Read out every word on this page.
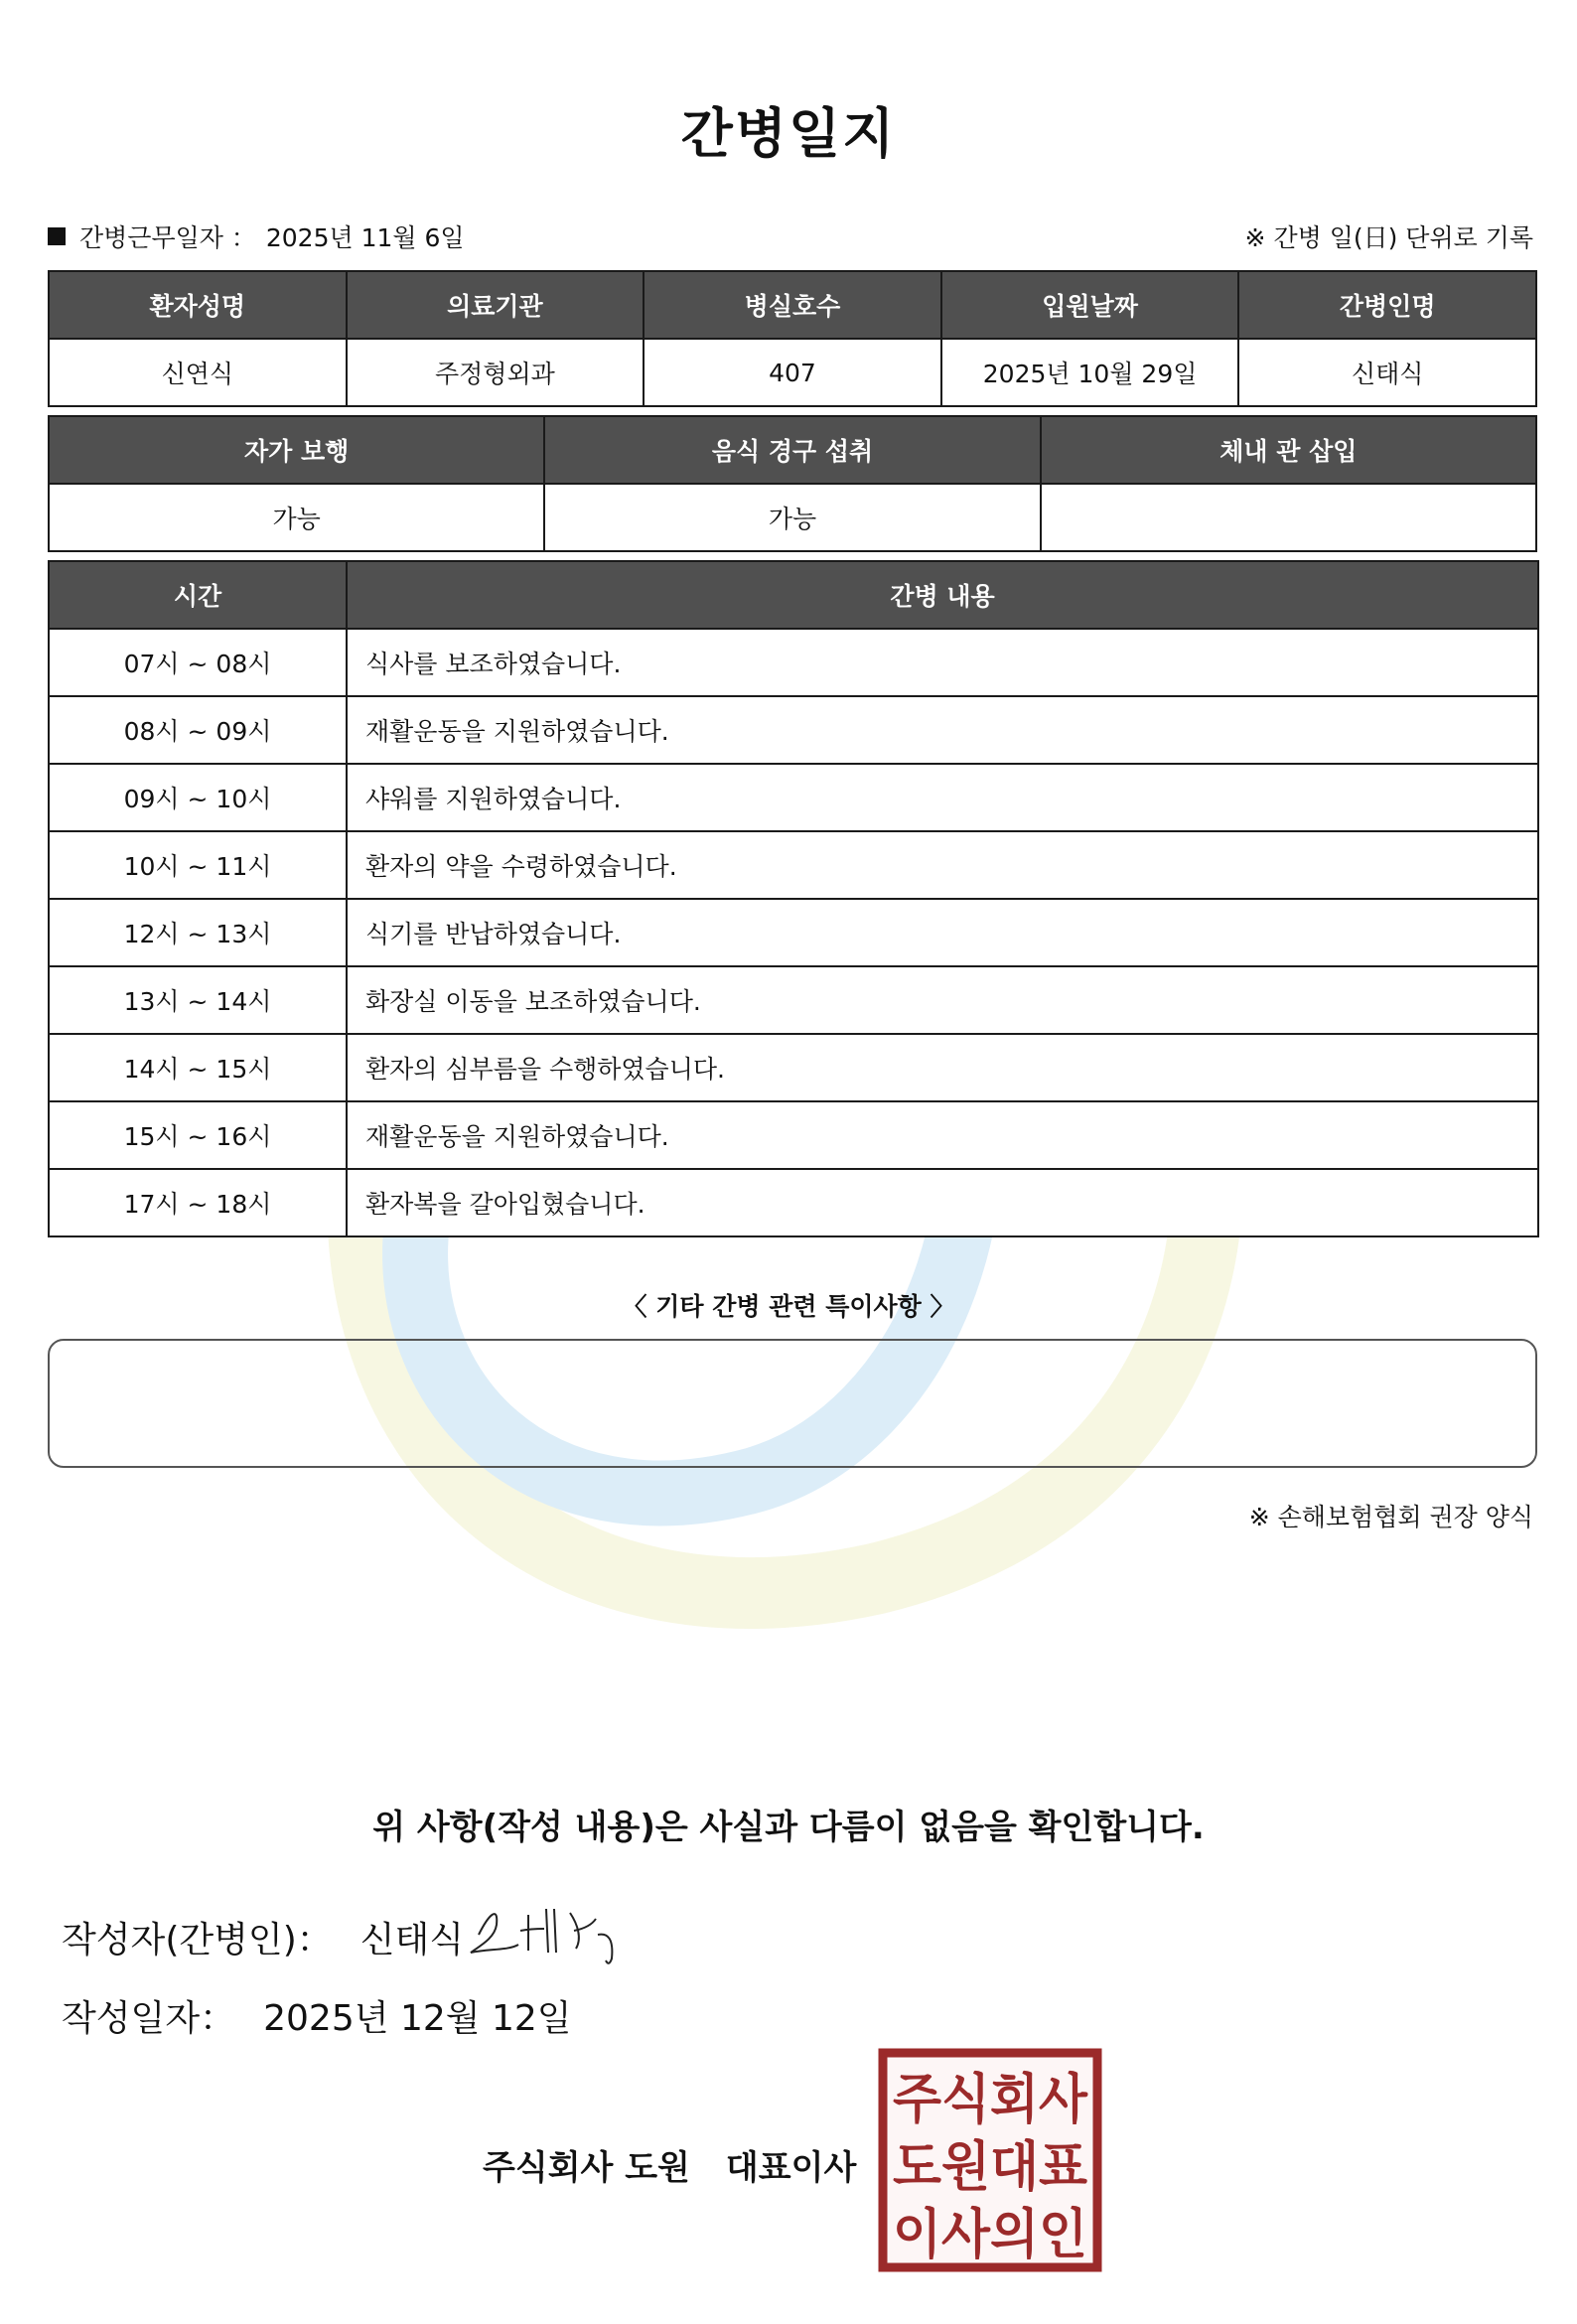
간병일지
간병근무일자 ： 2025년 11월 6일	※ 간병 일(日) 단위로 기록
환자성명	의료기관	병실호수	입원날짜	간병인명
신연식	주정형외과	407	2025년 10월 29일	신태식
자가 보행	음식 경구 섭취	체내 관 삽입
가능	가능	
시간	간병 내용
07시 ~ 08시	식사를 보조하였습니다.
08시 ~ 09시	재활운동을 지원하였습니다.
09시 ~ 10시	샤워를 지원하였습니다.
10시 ~ 11시	환자의 약을 수령하였습니다.
12시 ~ 13시	식기를 반납하였습니다.
13시 ~ 14시	화장실 이동을 보조하였습니다.
14시 ~ 15시	환자의 심부름을 수행하였습니다.
15시 ~ 16시	재활운동을 지원하였습니다.
17시 ~ 18시	환자복을 갈아입혔습니다.
〈 기타 간병 관련 특이사항 〉
※ 손해보험협회 권장 양식
위 사항(작성 내용)은 사실과 다름이 없음을 확인합니다.
작성자(간병인)： 신태식
작성일자： 2025년 12월 12일
주식회사 도원 대표이사
주식회사
도원대표
이사의인
